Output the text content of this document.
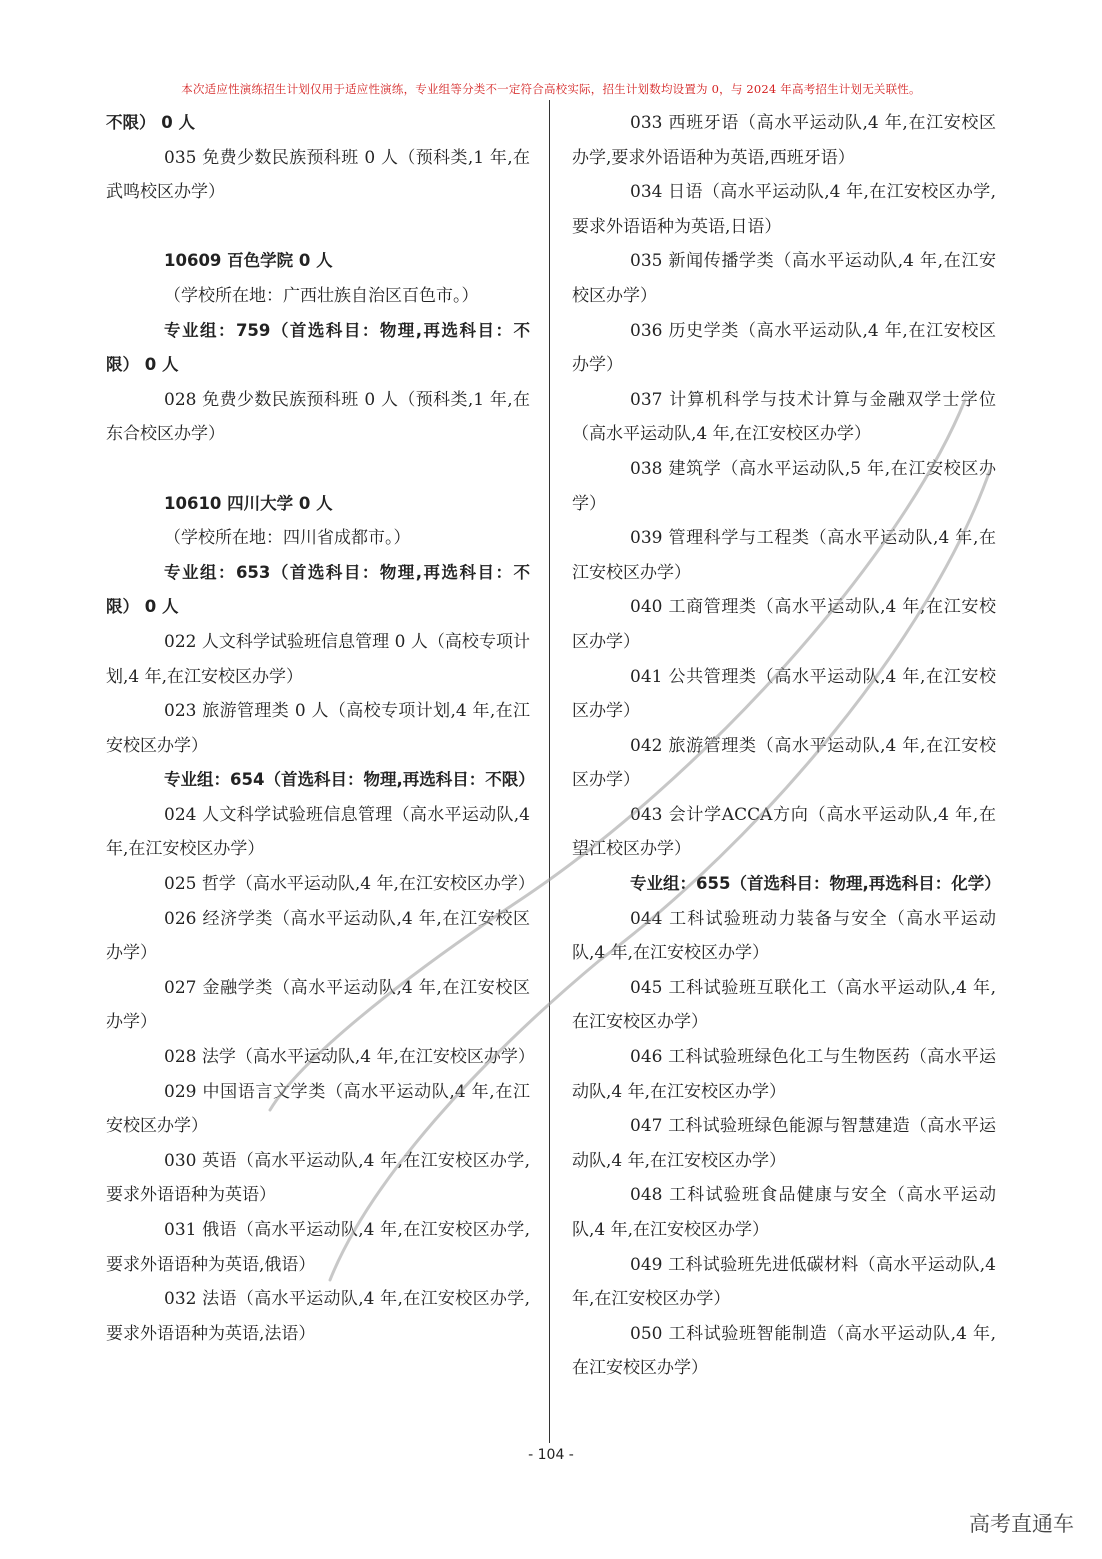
本次适应性演练招生计划仅用于适应性演练，专业组等分类不一定符合高校实际，招生计划数均设置为 0，与 2024 年高考招生计划无关联性。

不限） 0 人

035 免费少数民族预科班 0 人（预科类,1 年,在武鸣校区办学）

10609 百色学院 0 人

（学校所在地：广西壮族自治区百色市。）

专业组：759（首选科目：物理,再选科目：不限） 0 人

028 免费少数民族预科班 0 人（预科类,1 年,在东合校区办学）

10610 四川大学 0 人

（学校所在地：四川省成都市。）

专业组：653（首选科目：物理,再选科目：不限） 0 人

022 人文科学试验班信息管理 0 人（高校专项计划,4 年,在江安校区办学）

023 旅游管理类 0 人（高校专项计划,4 年,在江安校区办学）

专业组：654（首选科目：物理,再选科目：不限）

024 人文科学试验班信息管理（高水平运动队,4 年,在江安校区办学）

025 哲学（高水平运动队,4 年,在江安校区办学）

026 经济学类（高水平运动队,4 年,在江安校区办学）

027 金融学类（高水平运动队,4 年,在江安校区办学）

028 法学（高水平运动队,4 年,在江安校区办学）

029 中国语言文学类（高水平运动队,4 年,在江安校区办学）

030 英语（高水平运动队,4 年,在江安校区办学,要求外语语种为英语）

031 俄语（高水平运动队,4 年,在江安校区办学,要求外语语种为英语,俄语）

032 法语（高水平运动队,4 年,在江安校区办学,要求外语语种为英语,法语）

033 西班牙语（高水平运动队,4 年,在江安校区办学,要求外语语种为英语,西班牙语）

034 日语（高水平运动队,4 年,在江安校区办学,要求外语语种为英语,日语）

035 新闻传播学类（高水平运动队,4 年,在江安校区办学）

036 历史学类（高水平运动队,4 年,在江安校区办学）

037 计算机科学与技术计算与金融双学士学位（高水平运动队,4 年,在江安校区办学）

038 建筑学（高水平运动队,5 年,在江安校区办学）

039 管理科学与工程类（高水平运动队,4 年,在江安校区办学）

040 工商管理类（高水平运动队,4 年,在江安校区办学）

041 公共管理类（高水平运动队,4 年,在江安校区办学）

042 旅游管理类（高水平运动队,4 年,在江安校区办学）

043 会计学ACCA方向（高水平运动队,4 年,在望江校区办学）

专业组：655（首选科目：物理,再选科目：化学）

044 工科试验班动力装备与安全（高水平运动队,4 年,在江安校区办学）

045 工科试验班互联化工（高水平运动队,4 年,在江安校区办学）

046 工科试验班绿色化工与生物医药（高水平运动队,4 年,在江安校区办学）

047 工科试验班绿色能源与智慧建造（高水平运动队,4 年,在江安校区办学）

048 工科试验班食品健康与安全（高水平运动队,4 年,在江安校区办学）

049 工科试验班先进低碳材料（高水平运动队,4 年,在江安校区办学）

050 工科试验班智能制造（高水平运动队,4 年,在江安校区办学）

- 104 -
高考直通车
